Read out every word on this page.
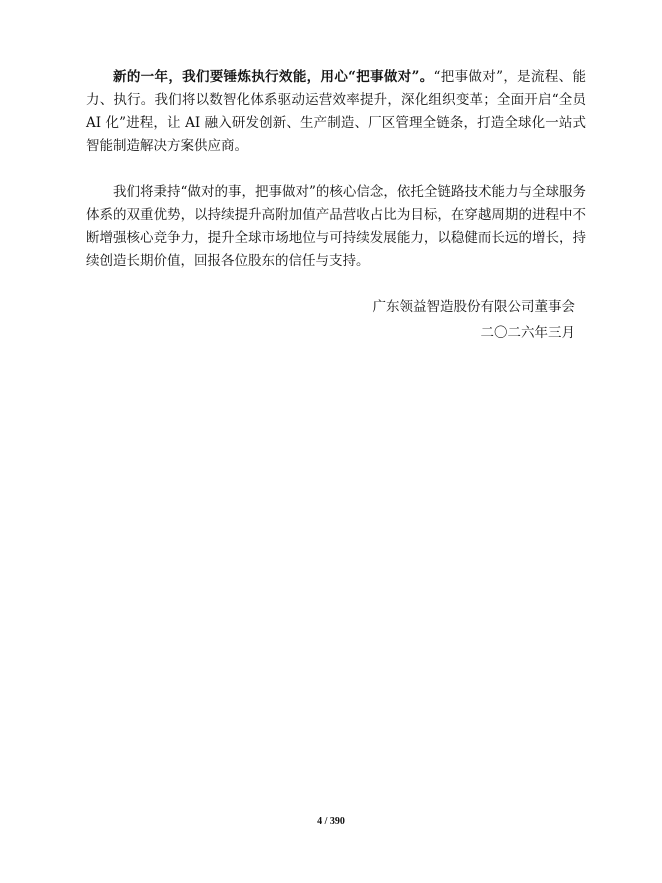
新的一年，我们要锤炼执行效能，用心“把事做对”。“把事做对”，是流程、能力、执行。我们将以数智化体系驱动运营效率提升，深化组织变革；全面开启“全员AI 化”进程，让 AI 融入研发创新、生产制造、厂区管理全链条，打造全球化一站式智能制造解决方案供应商。

我们将秉持“做对的事，把事做对”的核心信念，依托全链路技术能力与全球服务体系的双重优势，以持续提升高附加值产品营收占比为目标，在穿越周期的进程中不断增强核心竞争力，提升全球市场地位与可持续发展能力，以稳健而长远的增长，持续创造长期价值，回报各位股东的信任与支持。

广东领益智造股份有限公司董事会
二〇二六年三月
4 / 390
